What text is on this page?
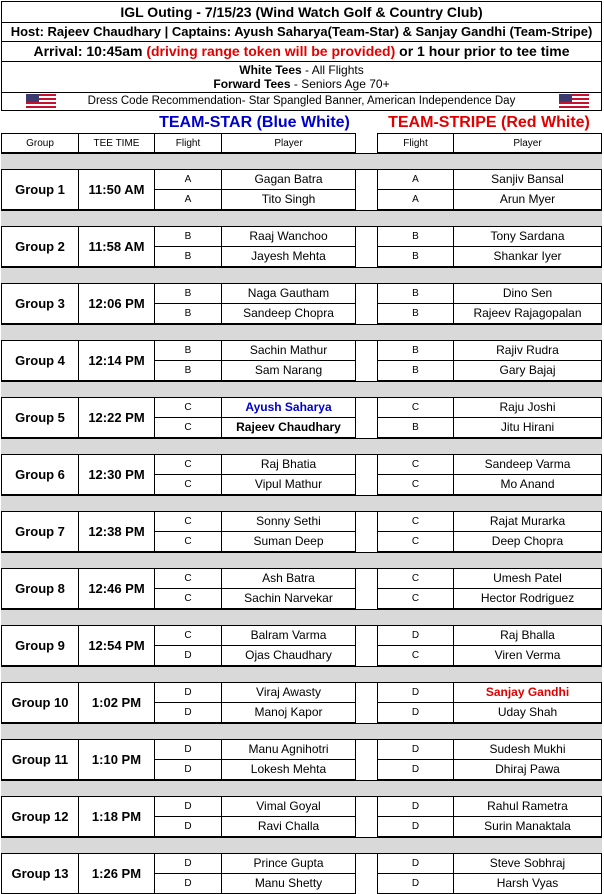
IGL Outing - 7/15/23 (Wind Watch Golf & Country Club)
Host: Rajeev Chaudhary | Captains: Ayush Saharya(Team-Star) & Sanjay Gandhi (Team-Stripe)
Arrival: 10:45am (driving range token will be provided) or 1 hour prior to tee time
White Tees - All Flights
Forward Tees - Seniors Age 70+
Dress Code Recommendation- Star Spangled Banner, American Independence Day
TEAM-STAR (Blue White)	TEAM-STRIPE (Red White)
Group	TEE TIME	Flight	Player	Flight	Player
Group 1	11:50 AM
A	Gagan Batra	A	Sanjiv Bansal
A	Tito Singh	A	Arun Myer
Group 2	11:58 AM
B	Raaj Wanchoo	B	Tony Sardana
B	Jayesh Mehta	B	Shankar Iyer
Group 3	12:06 PM
B	Naga Gautham	B	Dino Sen
B	Sandeep Chopra	B	Rajeev Rajagopalan
Group 4	12:14 PM
B	Sachin Mathur	B	Rajiv Rudra
B	Sam Narang	B	Gary Bajaj
Group 5	12:22 PM
C	Ayush Saharya	C	Raju Joshi
C	Rajeev Chaudhary	B	Jitu Hirani
Group 6	12:30 PM
C	Raj Bhatia	C	Sandeep Varma
C	Vipul Mathur	C	Mo Anand
Group 7	12:38 PM
C	Sonny Sethi	C	Rajat Murarka
C	Suman Deep	C	Deep Chopra
Group 8	12:46 PM
C	Ash Batra	C	Umesh Patel
C	Sachin Narvekar	C	Hector Rodriguez
Group 9	12:54 PM
C	Balram Varma	D	Raj Bhalla
D	Ojas Chaudhary	C	Viren Verma
Group 10	1:02 PM
D	Viraj Awasty	D	Sanjay Gandhi
D	Manoj Kapor	D	Uday Shah
Group 11	1:10 PM
D	Manu Agnihotri	D	Sudesh Mukhi
D	Lokesh Mehta	D	Dhiraj Pawa
Group 12	1:18 PM
D	Vimal Goyal	D	Rahul Rametra
D	Ravi Challa	D	Surin Manaktala
Group 13	1:26 PM
D	Prince Gupta	D	Steve Sobhraj
D	Manu Shetty	D	Harsh Vyas
